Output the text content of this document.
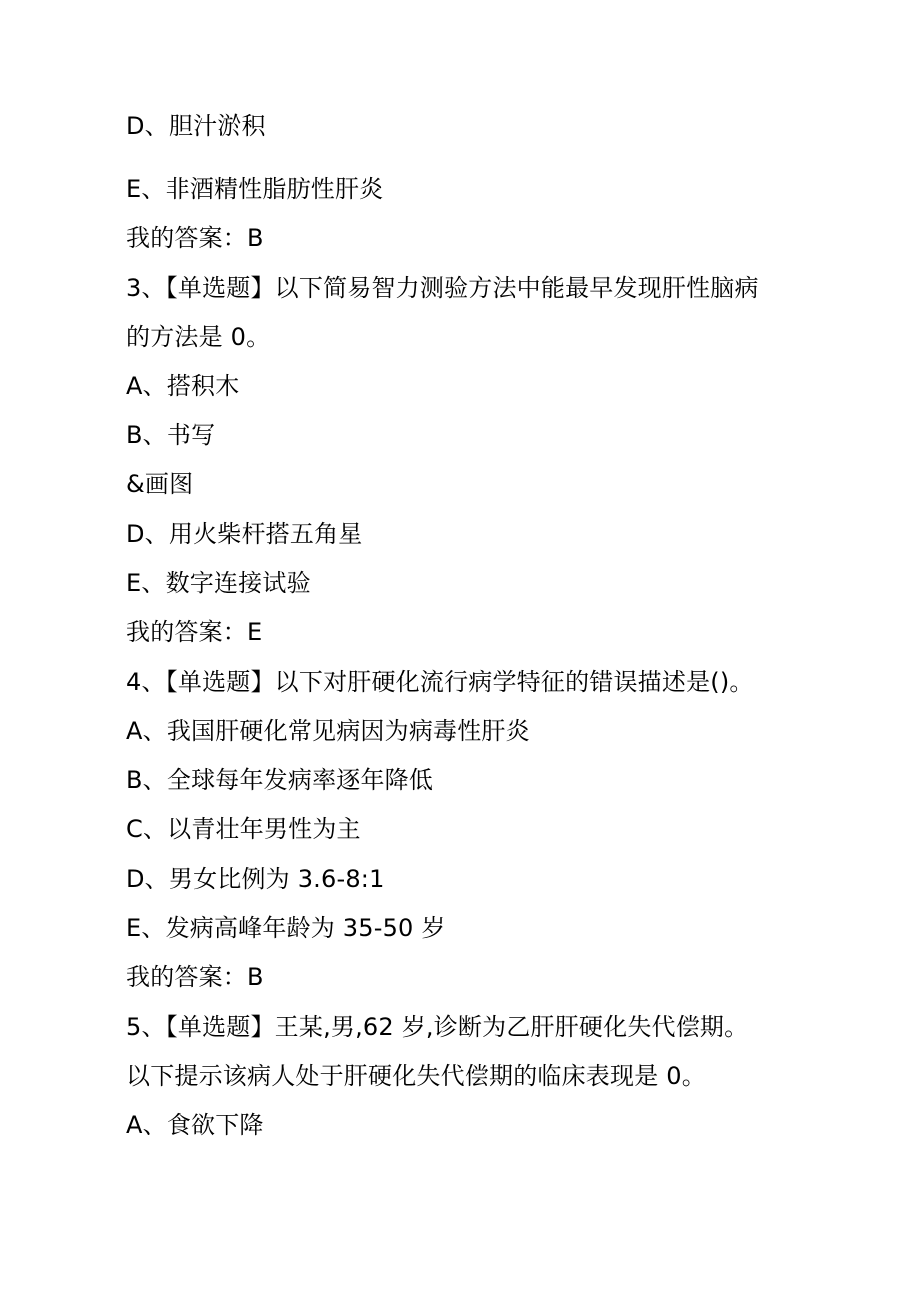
D、胆汁淤积
E、非酒精性脂肪性肝炎
我的答案：B
3、【单选题】以下简易智力测验方法中能最早发现肝性脑病
的方法是 0。
A、搭积木
B、书写
&画图
D、用火柴杆搭五角星
E、数字连接试验
我的答案：E
4、【单选题】以下对肝硬化流行病学特征的错误描述是()。
A、我国肝硬化常见病因为病毒性肝炎
B、全球每年发病率逐年降低
C、以青壮年男性为主
D、男女比例为 3.6-8:1
E、发病高峰年龄为 35-50 岁
我的答案：B
5、【单选题】王某,男,62 岁,诊断为乙肝肝硬化失代偿期。
以下提示该病人处于肝硬化失代偿期的临床表现是 0。
A、食欲下降
